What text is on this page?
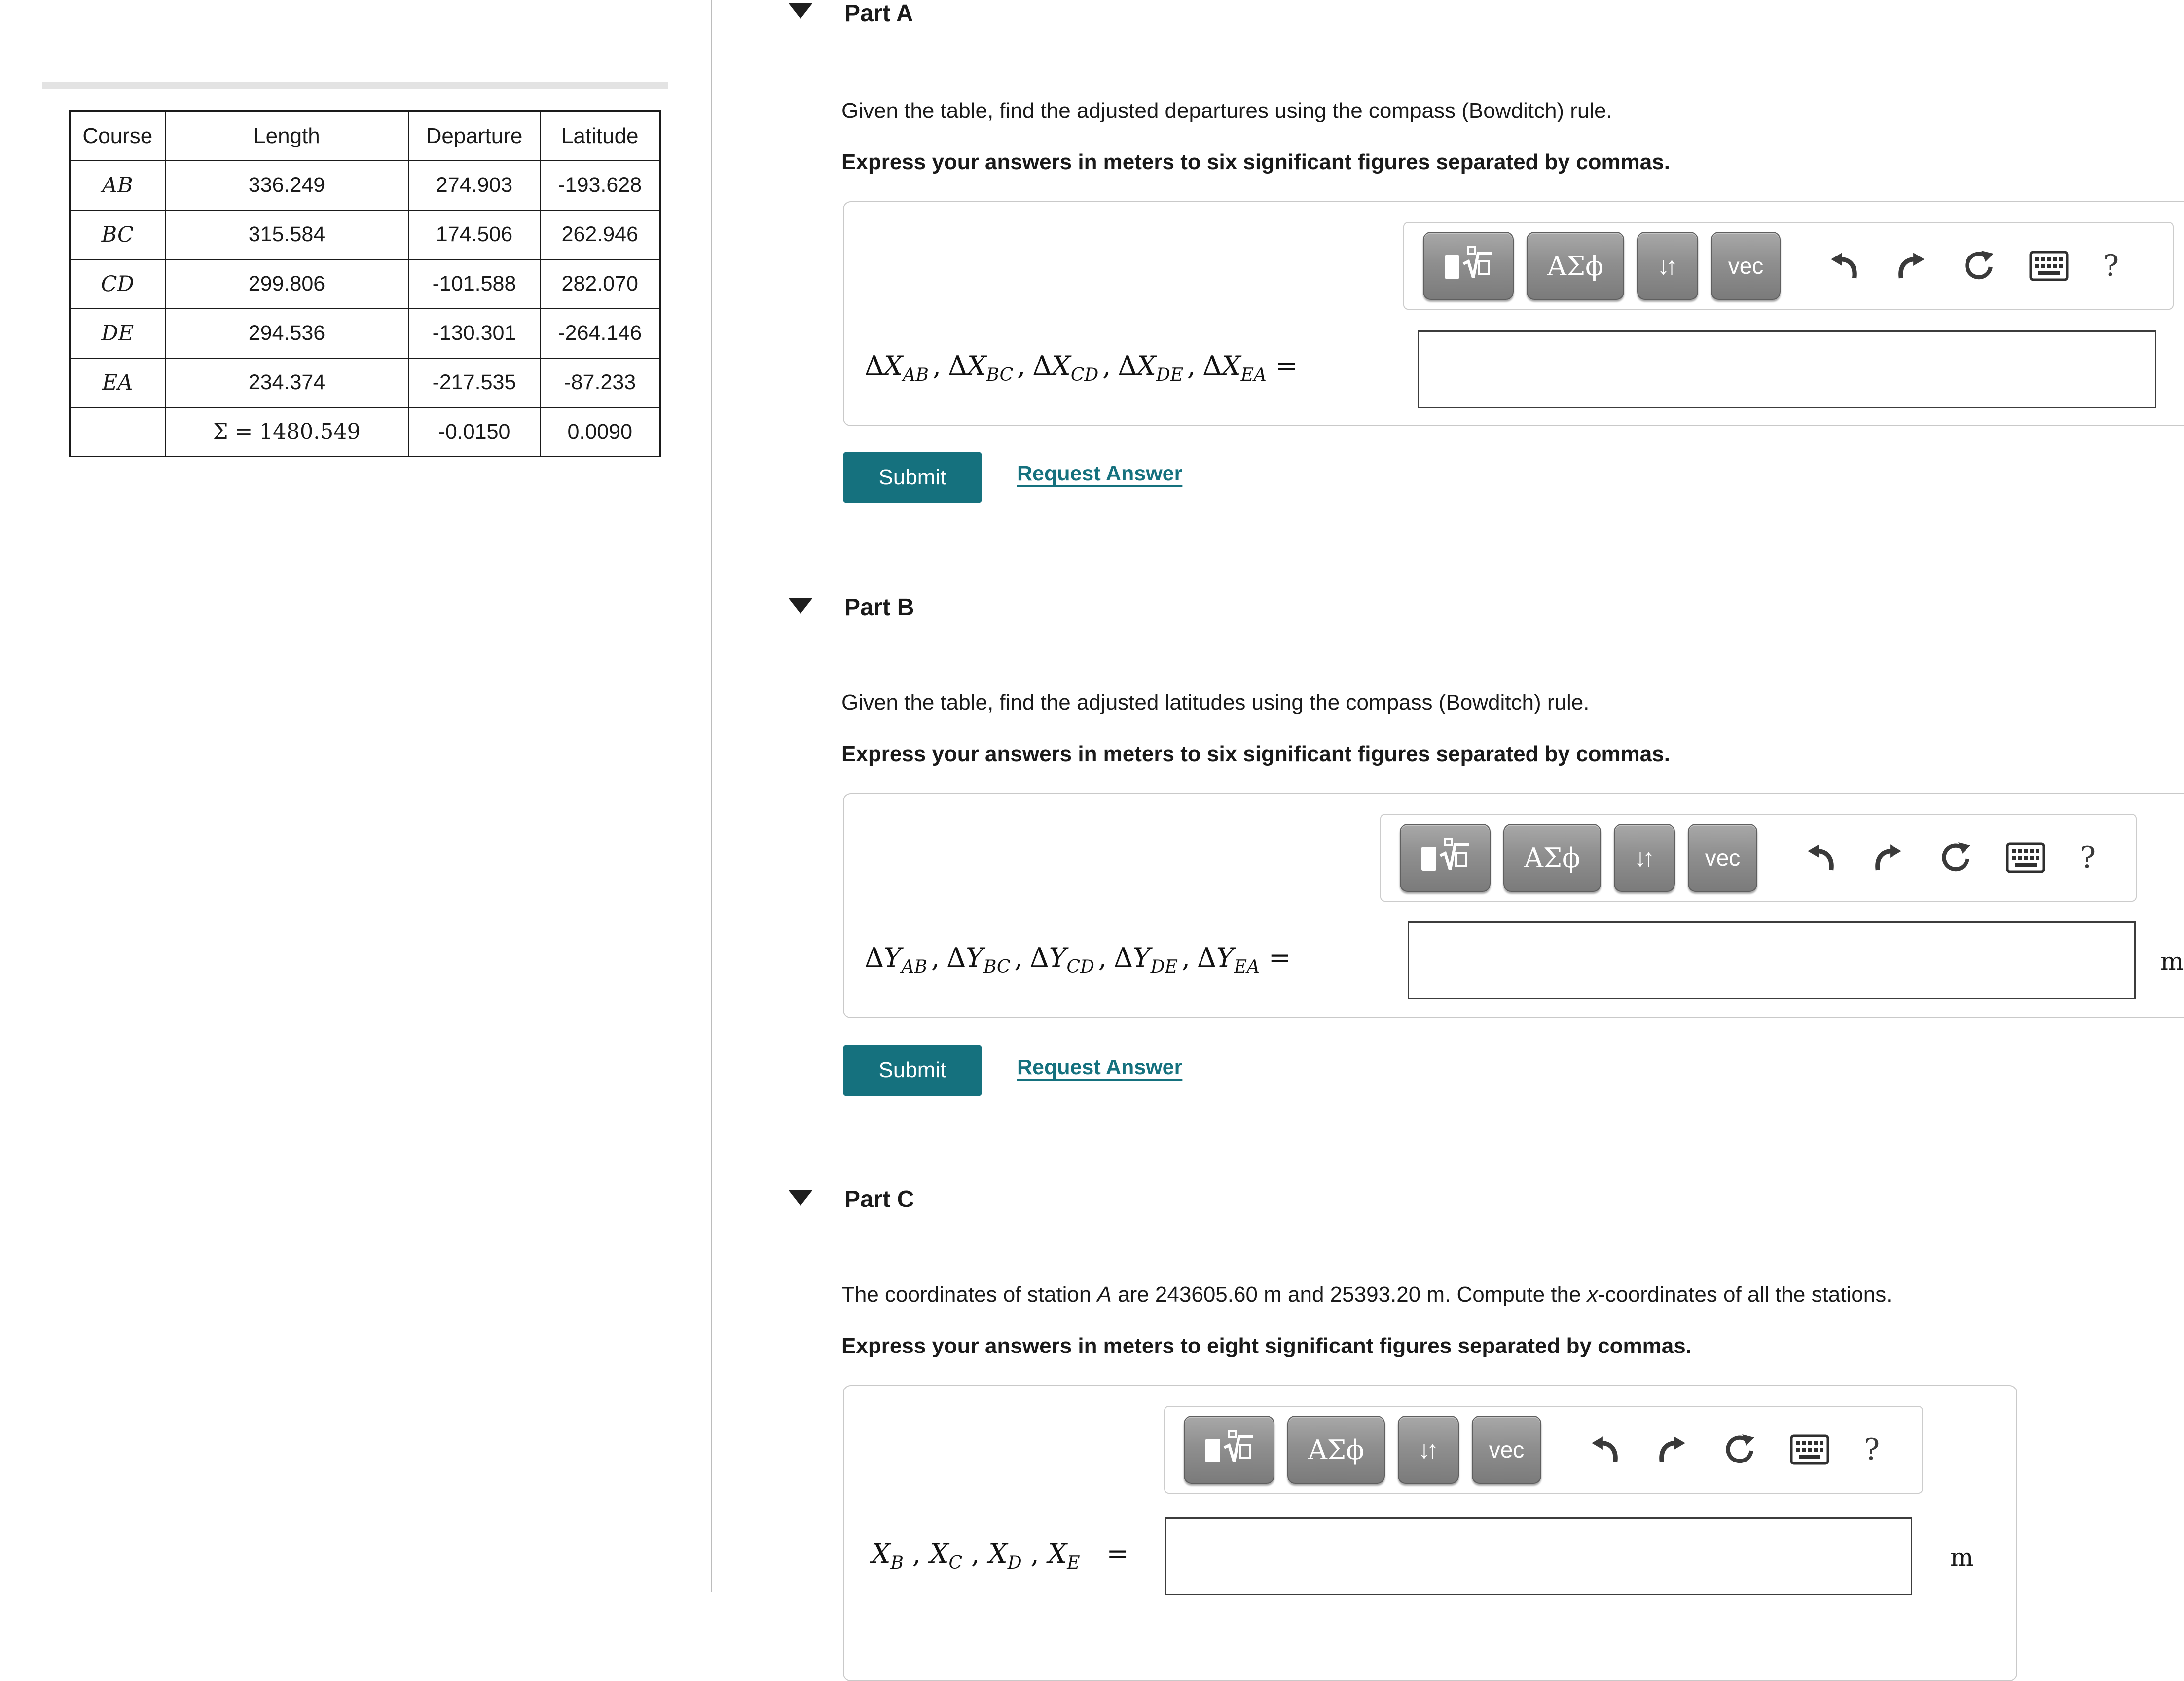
Course	Length	Departure	Latitude
AB	336.249	274.903	-193.628
BC	315.584	174.506	262.946
CD	299.806	-101.588	282.070
DE	294.536	-130.301	-264.146
EA	234.374	-217.535	-87.233
	Σ = 1480.549	-0.0150	0.0090
Part A
Given the table, find the adjusted departures using the compass (Bowditch) rule.
Express your answers in meters to six significant figures separated by commas.
ΑΣϕ	↓↑	vec	?
$\Delta X_{AB}$ , $\Delta X_{BC}$ , $\Delta X_{CD}$ , $\Delta X_{DE}$ , $\Delta X_{EA}$ =
Submit	Request Answer
Part B
Given the table, find the adjusted latitudes using the compass (Bowditch) rule.
Express your answers in meters to six significant figures separated by commas.
ΑΣϕ	↓↑	vec	?
$\Delta Y_{AB}$ , $\Delta Y_{BC}$ , $\Delta Y_{CD}$ , $\Delta Y_{DE}$ , $\Delta Y_{EA}$ =	m
Submit	Request Answer
Part C
The coordinates of station A are 243605.60 m and 25393.20 m. Compute the x-coordinates of all the stations.
Express your answers in meters to eight significant figures separated by commas.
ΑΣϕ	↓↑	vec	?
$X_B$ , $X_C$ , $X_D$ , $X_E$ =	m
